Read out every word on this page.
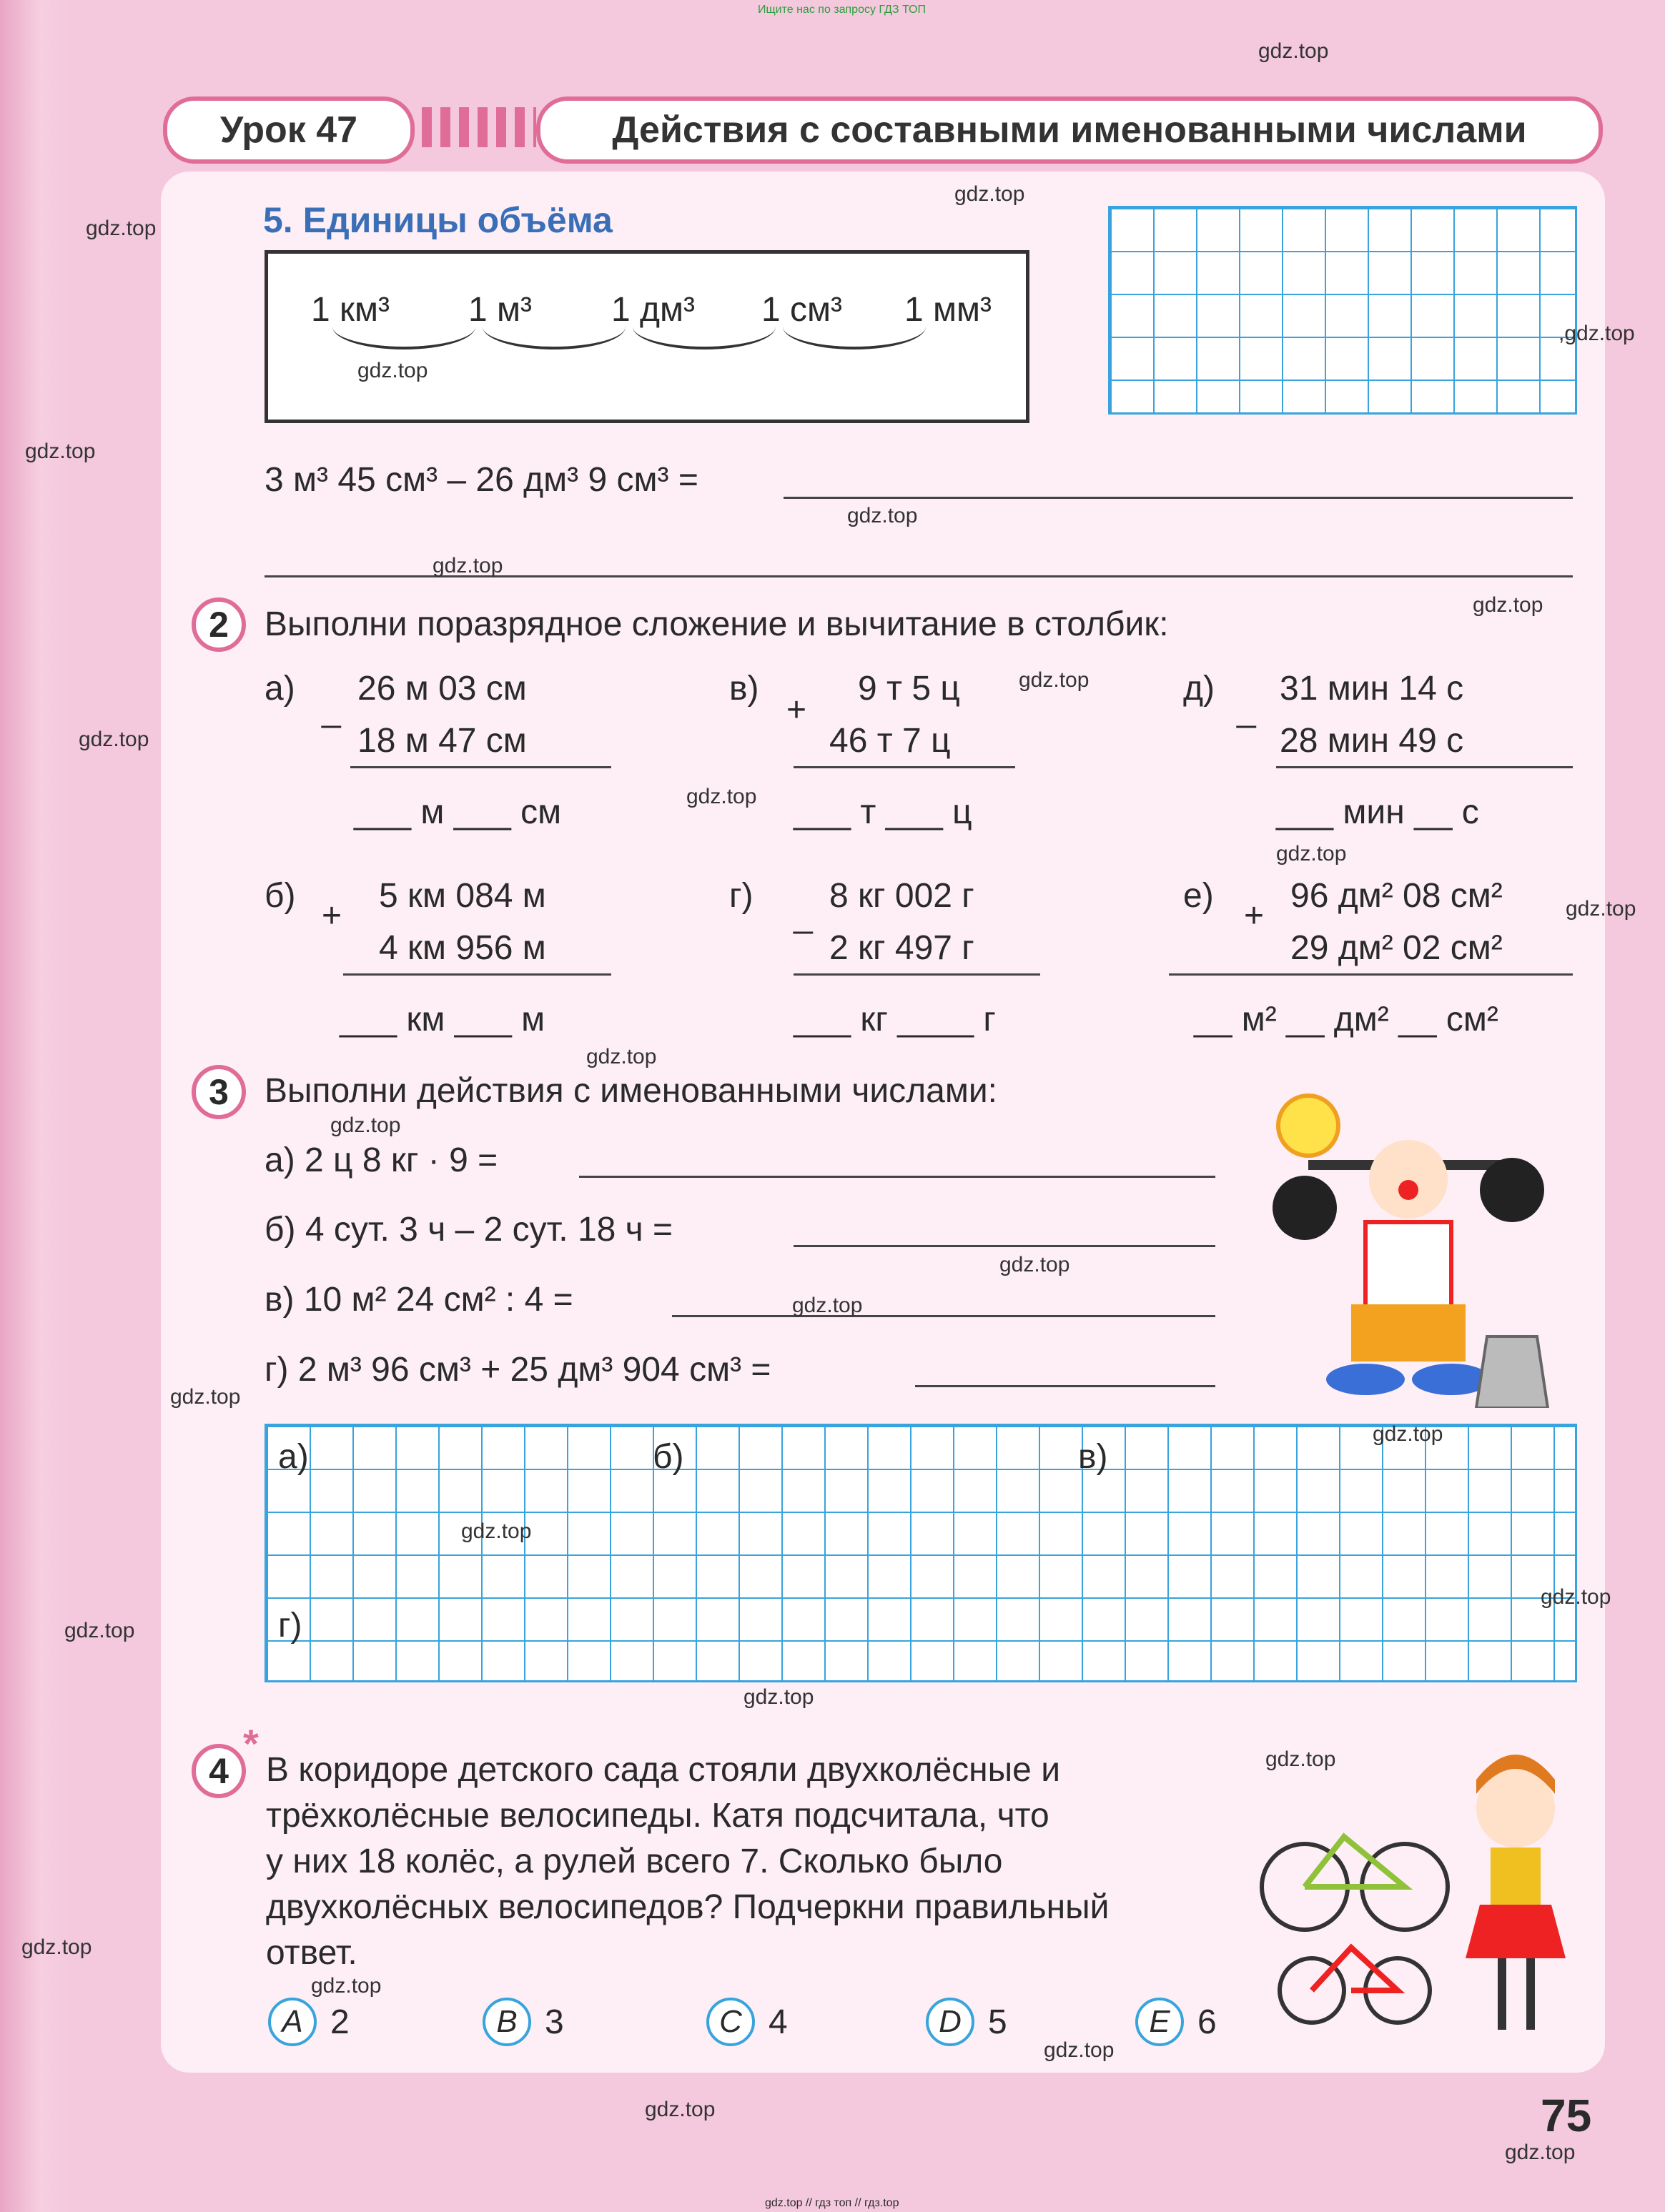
Ищите нас по запросу ГДЗ ТОП
Урок 47	Действия с составными именованными числами
5. Единицы объёма
1 км³ 1 м³ 1 дм³ 1 см³ 1 мм³
3 м³ 45 см³ – 26 дм³ 9 см³ =
2	Выполни поразрядное сложение и вычитание в столбик:
а)
_
26 м 03 см
18 м 47 см
___ м ___ см
в)
+
9 т 5 ц
46 т 7 ц
___ т ___ ц
д)
_
31 мин 14 с
28 мин 49 с
___ мин __ с
б)
+
5 км 084 м
4 км 956 м
___ км ___ м
г)
_
8 кг 002 г
2 кг 497 г
___ кг ____ г
е)
+
96 дм² 08 см²
29 дм² 02 см²
__ м² __ дм² __ см²
3	Выполни действия с именованными числами:
а) 2 ц 8 кг · 9 =
б) 4 сут. 3 ч – 2 сут. 18 ч =
в) 10 м² 24 см² : 4 =
г) 2 м³ 96 см³ + 25 дм³ 904 см³ =
а)	б)	в)
г)
*
4	В коридоре детского сада стояли двухколёсные и
трёхколёсные велосипеды. Катя подсчитала, что
у них 18 колёс, а рулей всего 7. Сколько было
двухколёсных велосипедов? Подчеркни правильный
ответ.
A 2	B 3	C 4	D 5	E 6
75
gdz.top // гдз топ // гдз.top
gdz.top
gdz.top
gdz.top
,gdz.top
gdz.top
gdz.top
gdz.top
gdz.top
gdz.top
gdz.top
gdz.top
gdz.top
gdz.top
gdz.top
gdz.top
gdz.top
gdz.top
gdz.top
gdz.top
gdz.top
gdz.top
gdz.top
gdz.top
gdz.top
gdz.top
gdz.top
gdz.top
gdz.top
gdz.top
gdz.top
